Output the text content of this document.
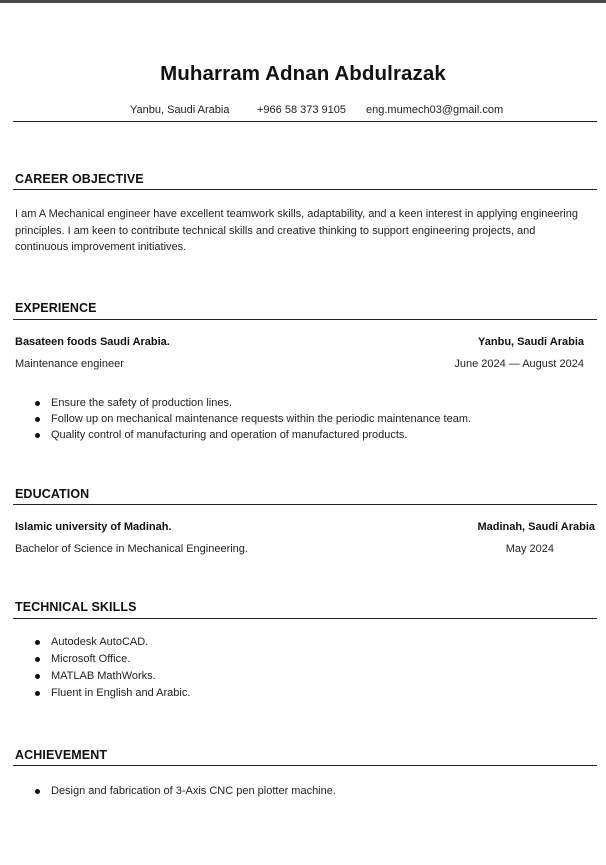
Muharram Adnan Abdulrazak
Yanbu, Saudi Arabia	+966 58 373 9105 eng.mumech03@gmail.com
CAREER OBJECTIVE
I am A Mechanical engineer have excellent teamwork skills, adaptability, and a keen interest in applying engineering
principles. I am keen to contribute technical skills and creative thinking to support engineering projects, and
continuous improvement initiatives.
EXPERIENCE
Basateen foods Saudi Arabia.	Yanbu, Saudi Arabia
Maintenance engineer	June 2024 — August 2024
Ensure the safety of production lines.
Follow up on mechanical maintenance requests within the periodic maintenance team.
Quality control of manufacturing and operation of manufactured products.
EDUCATION
Islamic university of Madinah.	Madinah, Saudi Arabia
Bachelor of Science in Mechanical Engineering.	May 2024
TECHNICAL SKILLS
Autodesk AutoCAD.
Microsoft Office.
MATLAB MathWorks.
Fluent in English and Arabic.
ACHIEVEMENT
Design and fabrication of 3-Axis CNC pen plotter machine.
